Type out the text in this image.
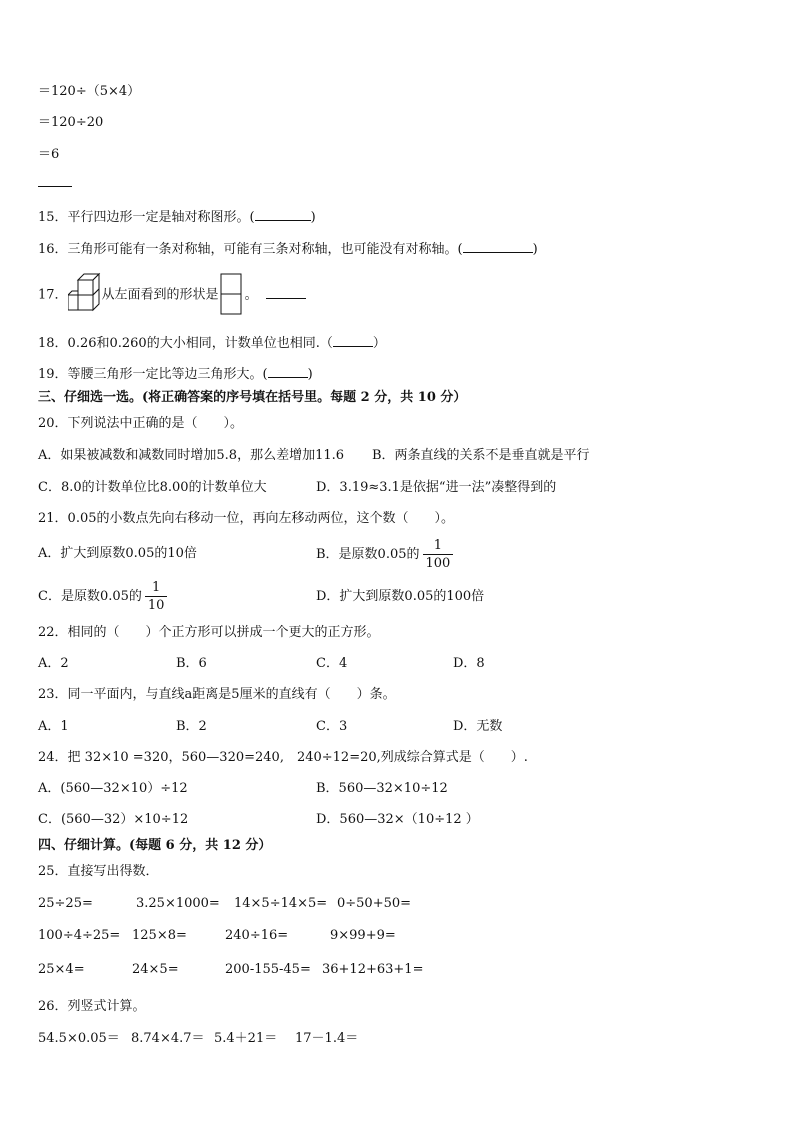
＝120÷（5×4）
＝120÷20
＝6
15．平行四边形一定是轴对称图形。(	)
16．三角形可能有一条对称轴，可能有三条对称轴，也可能没有对称轴。(	)
17．	从左面看到的形状是 。
18．0.26和0.260的大小相同，计数单位也相同.（	）
19．等腰三角形一定比等边三角形大。(	)
三、仔细选一选。(将正确答案的序号填在括号里。每题 2 分，共 10 分）
20．下列说法中正确的是（　　）。
A．如果被减数和减数同时增加5.8，那么差增加11.6 B．两条直线的关系不是垂直就是平行
C．8.0的计数单位比8.00的计数单位大	D．3.19≈3.1是依据“进一法”凑整得到的
21．0.05的小数点先向右移动一位，再向左移动两位，这个数（　　）。
A．扩大到原数0.05的10倍	B．是原数0.05的 $\frac{1}{100}$
C．是原数0.05的 $\frac{1}{10}$	D．扩大到原数0.05的100倍
22．相同的（　　）个正方形可以拼成一个更大的正方形。
A．2	B．6	C．4	D．8
23．同一平面内，与直线a距离是5厘米的直线有（　　）条。
A．1	B．2	C．3	D．无数
24．把 32×10 =320，560—320=240,　240÷12=20,列成综合算式是（　　）.
A．(560—32×10）÷12	B．560—32×10÷12
C．(560—32）×10÷12	D．560—32×（10÷12 ）
四、仔细计算。(每题 6 分，共 12 分）
25．直接写出得数．
25÷25=	3.25×1000= 14×5÷14×5= 0÷50+50=
100÷4÷25= 125×8=	240÷16=	9×99+9=
25×4=	24×5=	200-155-45= 36+12+63+1=
26．列竖式计算。
54.5×0.05＝ 8.74×4.7＝ 5.4＋21＝ 17－1.4＝
